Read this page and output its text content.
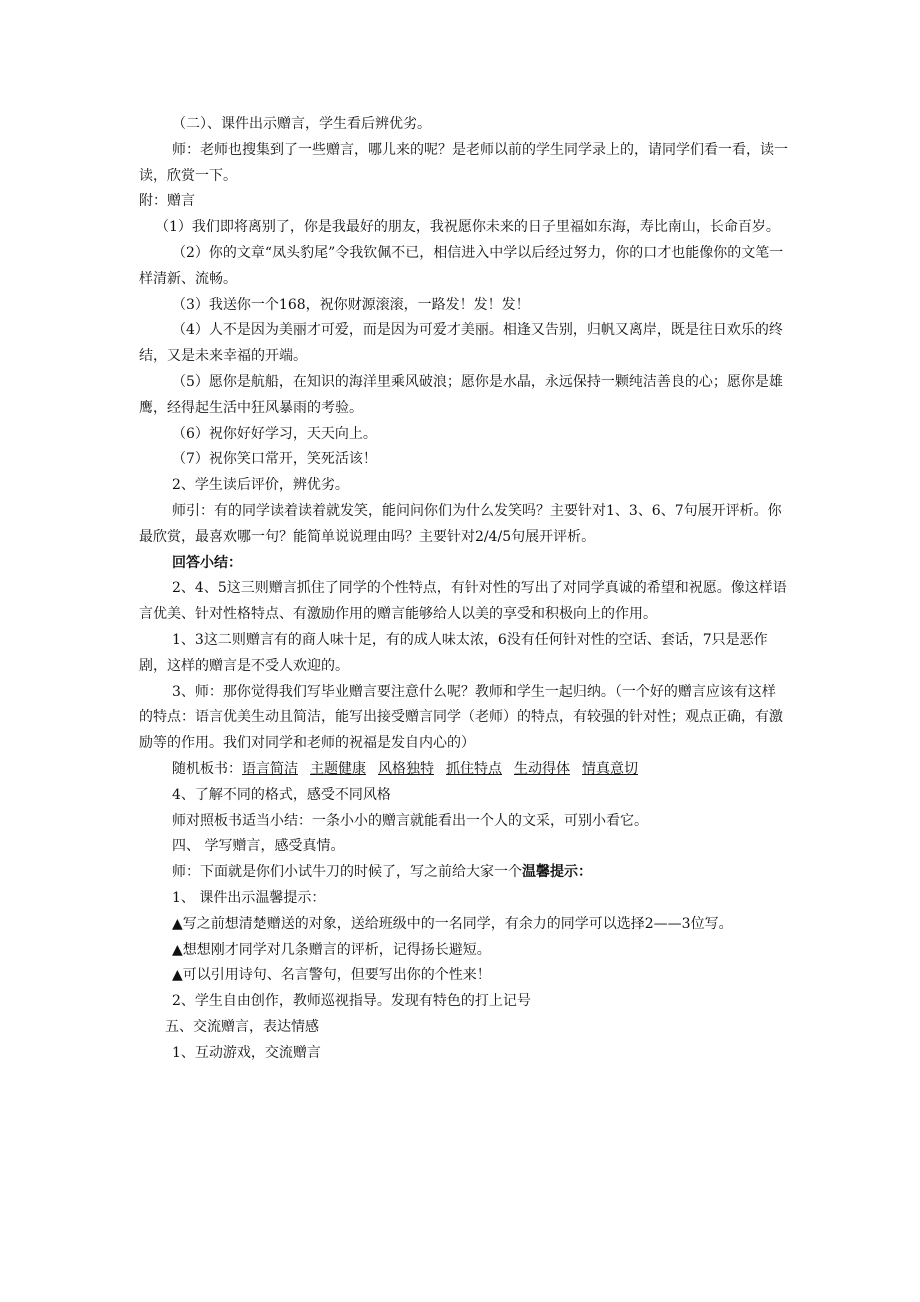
（二）、课件出示赠言，学生看后辨优劣。

师：老师也搜集到了一些赠言，哪儿来的呢？是老师以前的学生同学录上的，请同学们看一看，读一读，欣赏一下。

附：赠言

（1）我们即将离别了，你是我最好的朋友，我祝愿你未来的日子里福如东海，寿比南山，长命百岁。

（2）你的文章“凤头豹尾”令我钦佩不已，相信进入中学以后经过努力，你的口才也能像你的文笔一样清新、流畅。

（3）我送你一个168，祝你财源滚滚，一路发！发！发！

（4）人不是因为美丽才可爱，而是因为可爱才美丽。相逢又告别，归帆又离岸，既是往日欢乐的终结，又是未来幸福的开端。

（5）愿你是航船，在知识的海洋里乘风破浪；愿你是水晶，永远保持一颗纯洁善良的心；愿你是雄鹰，经得起生活中狂风暴雨的考验。

（6）祝你好好学习，天天向上。

（7）祝你笑口常开，笑死活该！

2、学生读后评价，辨优劣。

师引：有的同学读着读着就发笑，能问问你们为什么发笑吗？主要针对1、3、6、7句展开评析。你最欣赏，最喜欢哪一句？能简单说说理由吗？主要针对2/4/5句展开评析。

回答小结：

2、4、5这三则赠言抓住了同学的个性特点，有针对性的写出了对同学真诚的希望和祝愿。像这样语言优美、针对性格特点、有激励作用的赠言能够给人以美的享受和积极向上的作用。

1、3这二则赠言有的商人味十足，有的成人味太浓，6没有任何针对性的空话、套话，7只是恶作剧，这样的赠言是不受人欢迎的。

3、师：那你觉得我们写毕业赠言要注意什么呢？教师和学生一起归纳。（一个好的赠言应该有这样的特点：语言优美生动且简洁，能写出接受赠言同学（老师）的特点，有较强的针对性；观点正确，有激励等的作用。我们对同学和老师的祝福是发自内心的）

随机板书：语言简洁 主题健康 风格独特 抓住特点 生动得体 情真意切

4、了解不同的格式，感受不同风格

师对照板书适当小结：一条小小的赠言就能看出一个人的文采，可别小看它。

四、 学写赠言，感受真情。

师：下面就是你们小试牛刀的时候了，写之前给大家一个温馨提示：

1、 课件出示温馨提示：

▲写之前想清楚赠送的对象，送给班级中的一名同学，有余力的同学可以选择2——3位写。

▲想想刚才同学对几条赠言的评析，记得扬长避短。

▲可以引用诗句、名言警句，但要写出你的个性来！

2、学生自由创作，教师巡视指导。发现有特色的打上记号

五、交流赠言，表达情感

1、互动游戏，交流赠言
